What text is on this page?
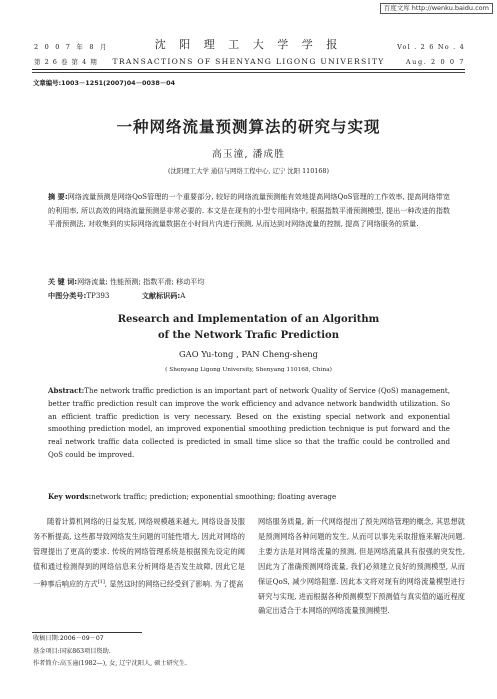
百度文库 http://wenku.baidu.com
2 0 0 7 年 8 月	沈 阳 理 工 大 学 学 报	Vol . 2 6 No . 4
第 2 6 卷 第 4 期	TRANSACTIONS OF SHENYANG LIGONG UNIVERSITY	Aug. 2 0 0 7
文章编号:1003－1251(2007)04－0038－04
一种网络流量预测算法的研究与实现
高玉潼, 潘成胜
(沈阳理工大学 通信与网络工程中心, 辽宁 沈阳 110168)
摘 要:网络流量预测是网络QoS管理的一个重要部分, 较好的网络流量预测能有效地提高网络QoS管理的工作效率, 提高网络带宽的利用率, 所以高效的网络流量预测是非常必要的. 本文是在现有的小型专用网络中, 根据指数平滑预测模型, 提出一种改进的指数平滑预测法, 对收集到的实际网络流量数据在小时间片内进行预测, 从而达到对网络流量的控制, 提高了网络服务的质量.
关 键 词:网络流量; 性能预测; 指数平滑; 移动平均
中图分类号:TP393	文献标识码:A
Research and Implementation of an Algorithm
of the Network Trafic Prediction
GAO Yu-tong , PAN Cheng-sheng
( Shenyang Ligong University, Shenyang 110168, China)
Abstract:The network traffic prediction is an important part of network Quality of Service (QoS) management, better traffic prediction result can improve the work efficiency and advance network bandwidth utilization. So an efficient traffic prediction is very necessary. Besed on the existing special network and exponential smoothing prediction model, an improved exponential smoothing prediction technique is put forward and the real network traffic data collected is predicted in small time slice so that the traffic could be controlled and QoS could be improved.
Key words:network traffic; prediction; exponential smoothing; floating average
随着计算机网络的日益发展, 网络规模越来越大, 网络设备及服务不断提高, 这些都导致网络发生问题的可能性增大, 因此对网络的管理提出了更高的要求. 传统的网络管理系统是根据预先设定的阈值和通过检测得到的网络信息来分析网络是否发生故障, 因此它是一种事后响应的方式[1], 显然这时的网络已经受到了影响. 为了提高
网络服务质量, 新一代网络提出了预先网络管理的概念, 其思想就是预测网络各种问题的发生, 从而可以事先采取措施来解决问题. 主要方法是对网络流量的预测, 但是网络流量具有很强的突发性, 因此为了准确预测网络流量, 我们必须建立良好的预测模型, 从而保证QoS, 减少网络阻塞. 因此本文将对现有的网络流量模型进行研究与实现, 进而根据各种预测模型下预测值与真实值的逼近程度确定出适合于本网络的网络流量预测模型.
收稿日期:2006－09－07
基金项目:国家863项目资助.
作者简介:高玉潼(1982—), 女, 辽宁沈阳人, 硕士研究生.
